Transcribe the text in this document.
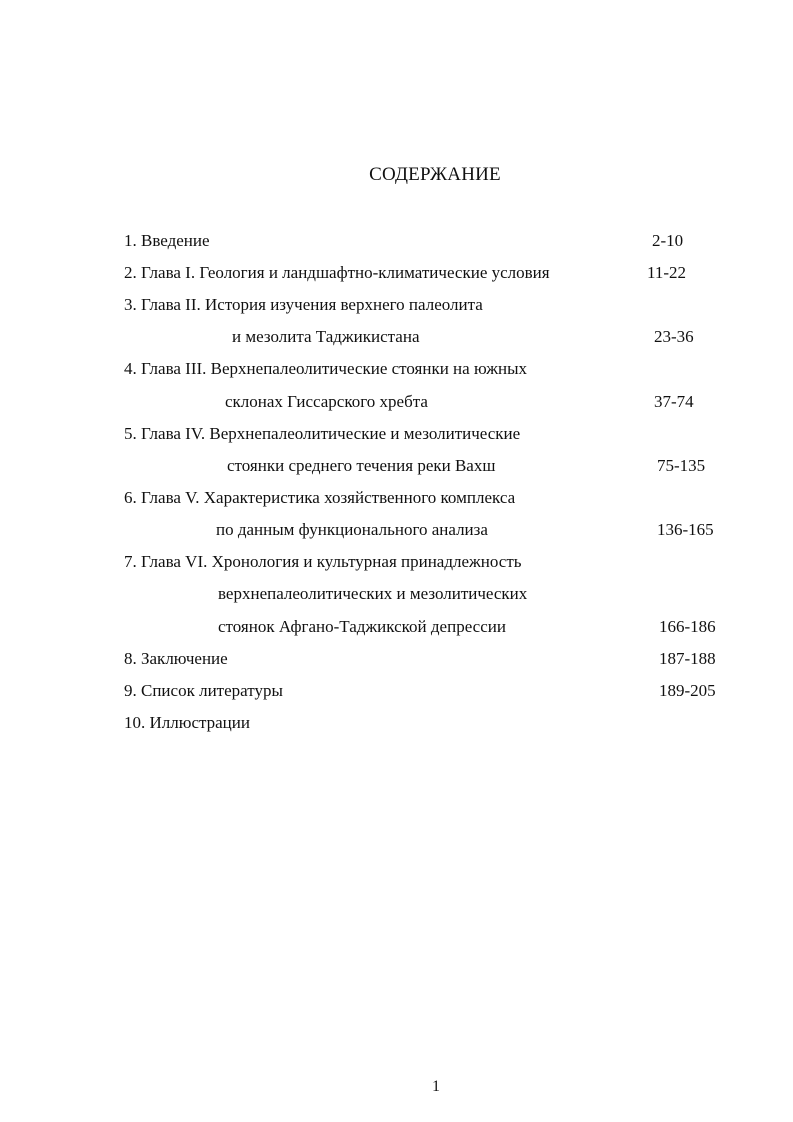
СОДЕРЖАНИЕ
1. Введение	2-10
2. Глава I. Геология и ландшафтно-климатические условия	11-22
3. Глава II. История изучения верхнего палеолита
и мезолита Таджикистана	23-36
4. Глава III. Верхнепалеолитические стоянки на южных
склонах Гиссарского хребта	37-74
5. Глава IV. Верхнепалеолитические и мезолитические
стоянки среднего течения реки Вахш	75-135
6. Глава V. Характеристика хозяйственного комплекса
по данным функционального анализа	136-165
7. Глава VI. Хронология и культурная принадлежность
верхнепалеолитических и мезолитических
стоянок Афгано-Таджикской депрессии	166-186
8. Заключение	187-188
9. Список литературы	189-205
10. Иллюстрации
1
